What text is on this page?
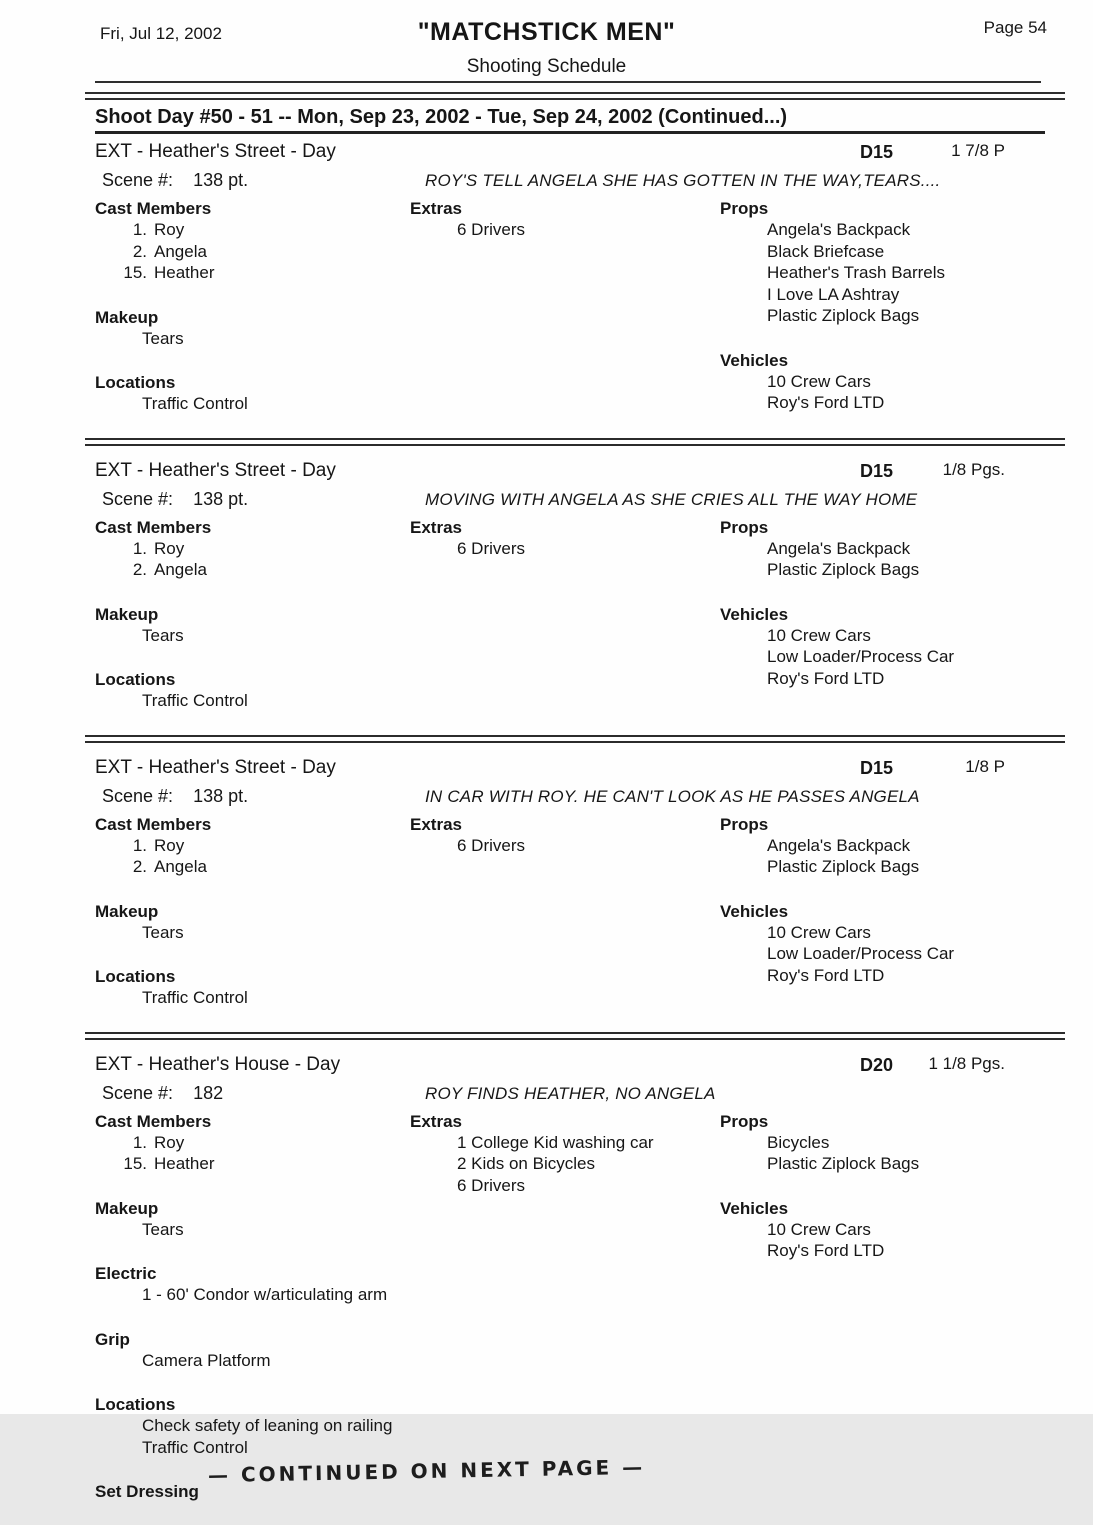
Fri, Jul 12, 2002	"MATCHSTICK MEN"	Page 54
Shooting Schedule
Shoot Day #50 - 51 -- Mon, Sep 23, 2002 - Tue, Sep 24, 2002 (Continued...)
EXT - Heather's Street - Day	D15	1 7/8 P
Scene #: 138 pt.	ROY'S TELL ANGELA SHE HAS GOTTEN IN THE WAY,TEARS....
Cast Members
1. Roy
2. Angela
15. Heather
Makeup
Tears
Locations
Traffic Control
Extras
6 Drivers
Props
Angela's Backpack
Black Briefcase
Heather's Trash Barrels
I Love LA Ashtray
Plastic Ziplock Bags
Vehicles
10 Crew Cars
Roy's Ford LTD
EXT - Heather's Street - Day	D15	1/8 Pgs.
Scene #: 138 pt.	MOVING WITH ANGELA AS SHE CRIES ALL THE WAY HOME
Cast Members
1. Roy
2. Angela
Makeup
Tears
Locations
Traffic Control
Extras
6 Drivers
Props
Angela's Backpack
Plastic Ziplock Bags
Vehicles
10 Crew Cars
Low Loader/Process Car
Roy's Ford LTD
EXT - Heather's Street - Day	D15	1/8 P
Scene #: 138 pt.	IN CAR WITH ROY. HE CAN'T LOOK AS HE PASSES ANGELA
Cast Members
1. Roy
2. Angela
Makeup
Tears
Locations
Traffic Control
Extras
6 Drivers
Props
Angela's Backpack
Plastic Ziplock Bags
Vehicles
10 Crew Cars
Low Loader/Process Car
Roy's Ford LTD
EXT - Heather's House - Day	D20 1 1/8 Pgs.
Scene #: 182	ROY FINDS HEATHER, NO ANGELA
Cast Members
1. Roy
15. Heather
Makeup
Tears
Electric
1 - 60' Condor w/articulating arm
Grip
Camera Platform
Locations
Check safety of leaning on railing
Traffic Control
Set Dressing
Extras
1 College Kid washing car
2 Kids on Bicycles
6 Drivers
Props
Bicycles
Plastic Ziplock Bags
Vehicles
10 Crew Cars
Roy's Ford LTD
— CONTINUED ON NEXT PAGE —
